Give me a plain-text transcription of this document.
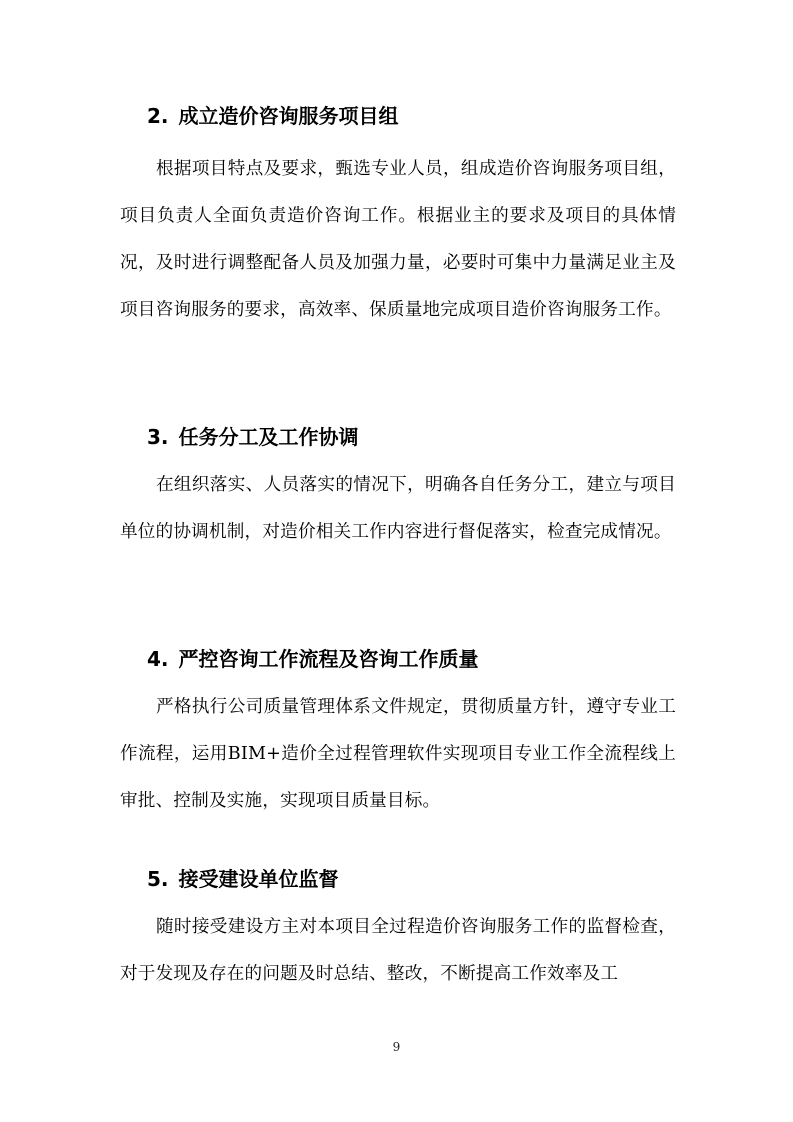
2. 成立造价咨询服务项目组

根据项目特点及要求，甄选专业人员，组成造价咨询服务项目组，项目负责人全面负责造价咨询工作。根据业主的要求及项目的具体情况，及时进行调整配备人员及加强力量，必要时可集中力量满足业主及项目咨询服务的要求，高效率、保质量地完成项目造价咨询服务工作。

3. 任务分工及工作协调

在组织落实、人员落实的情况下，明确各自任务分工，建立与项目单位的协调机制，对造价相关工作内容进行督促落实，检查完成情况。

4. 严控咨询工作流程及咨询工作质量

严格执行公司质量管理体系文件规定，贯彻质量方针，遵守专业工作流程，运用BIM+造价全过程管理软件实现项目专业工作全流程线上审批、控制及实施，实现项目质量目标。

5. 接受建设单位监督

随时接受建设方主对本项目全过程造价咨询服务工作的监督检查，对于发现及存在的问题及时总结、整改，不断提高工作效率及工

9
